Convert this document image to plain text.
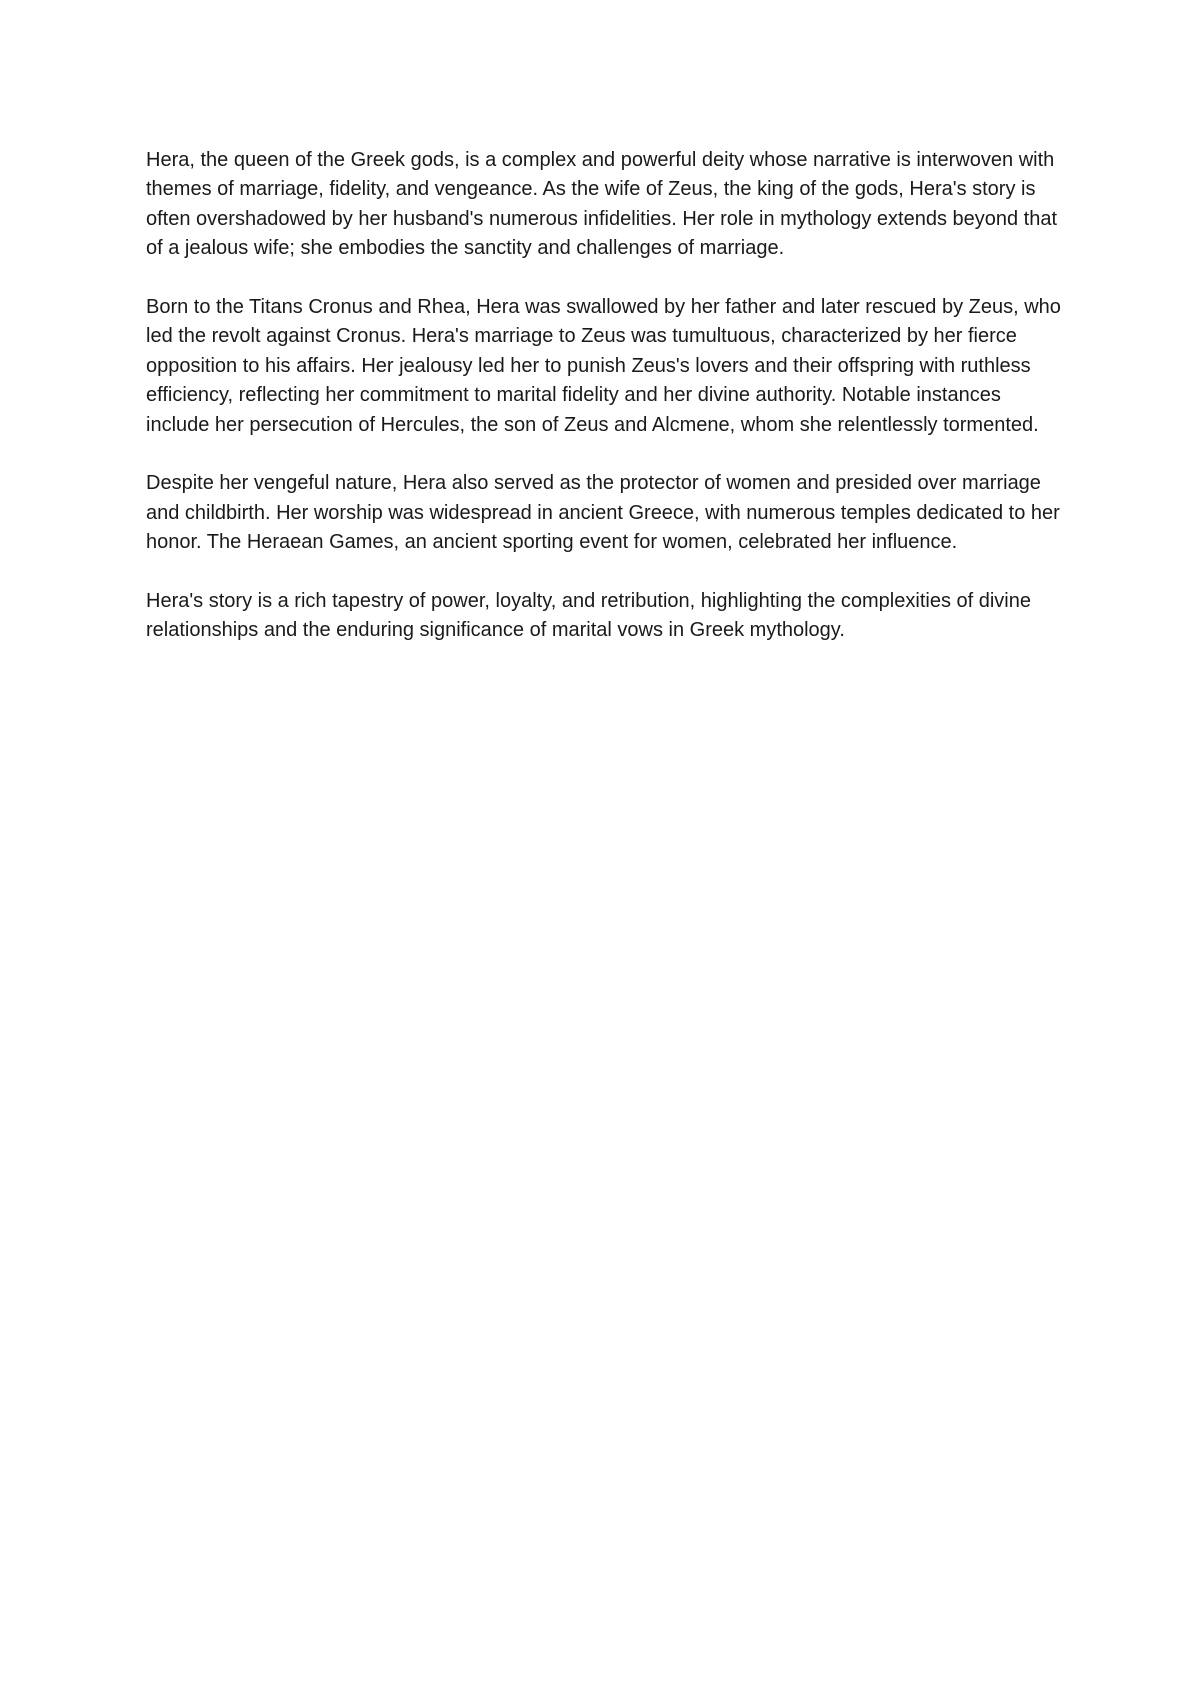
Hera, the queen of the Greek gods, is a complex and powerful deity whose narrative is interwoven with themes of marriage, fidelity, and vengeance. As the wife of Zeus, the king of the gods, Hera's story is often overshadowed by her husband's numerous infidelities. Her role in mythology extends beyond that of a jealous wife; she embodies the sanctity and challenges of marriage.

Born to the Titans Cronus and Rhea, Hera was swallowed by her father and later rescued by Zeus, who led the revolt against Cronus. Hera's marriage to Zeus was tumultuous, characterized by her fierce opposition to his affairs. Her jealousy led her to punish Zeus's lovers and their offspring with ruthless efficiency, reflecting her commitment to marital fidelity and her divine authority. Notable instances include her persecution of Hercules, the son of Zeus and Alcmene, whom she relentlessly tormented.

Despite her vengeful nature, Hera also served as the protector of women and presided over marriage and childbirth. Her worship was widespread in ancient Greece, with numerous temples dedicated to her honor. The Heraean Games, an ancient sporting event for women, celebrated her influence.

Hera's story is a rich tapestry of power, loyalty, and retribution, highlighting the complexities of divine relationships and the enduring significance of marital vows in Greek mythology.
